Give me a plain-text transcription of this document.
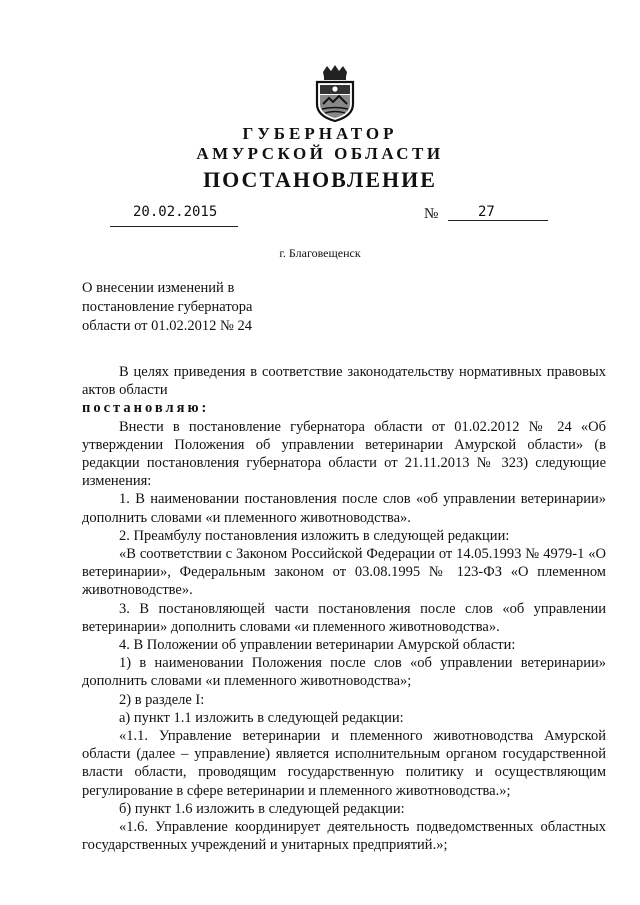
ГУБЕРНАТОР
АМУРСКОЙ ОБЛАСТИ
ПОСТАНОВЛЕНИЕ
20.02.2015	№	27
г. Благовещенск
О внесении изменений в
постановление губернатора
области от 01.02.2012 № 24

В целях приведения в соответствие законодательству нормативных правовых актов области

постановляю:

Внести в постановление губернатора области от 01.02.2012 № 24 «Об утверждении Положения об управлении ветеринарии Амурской области» (в редакции постановления губернатора области от 21.11.2013 № 323) следующие изменения:

1. В наименовании постановления после слов «об управлении ветеринарии» дополнить словами «и племенного животноводства».

2. Преамбулу постановления изложить в следующей редакции:

«В соответствии с Законом Российской Федерации от 14.05.1993 № 4979-1 «О ветеринарии», Федеральным законом от 03.08.1995 № 123-ФЗ «О племенном животноводстве».

3. В постановляющей части постановления после слов «об управлении ветеринарии» дополнить словами «и племенного животноводства».

4. В Положении об управлении ветеринарии Амурской области:

1) в наименовании Положения после слов «об управлении ветеринарии» дополнить словами «и племенного животноводства»;

2) в разделе I:

а) пункт 1.1 изложить в следующей редакции:

«1.1. Управление ветеринарии и племенного животноводства Амурской области (далее – управление) является исполнительным органом государственной власти области, проводящим государственную политику и осуществляющим регулирование в сфере ветеринарии и племенного животноводства.»;

б) пункт 1.6 изложить в следующей редакции:

«1.6. Управление координирует деятельность подведомственных областных государственных учреждений и унитарных предприятий.»;
